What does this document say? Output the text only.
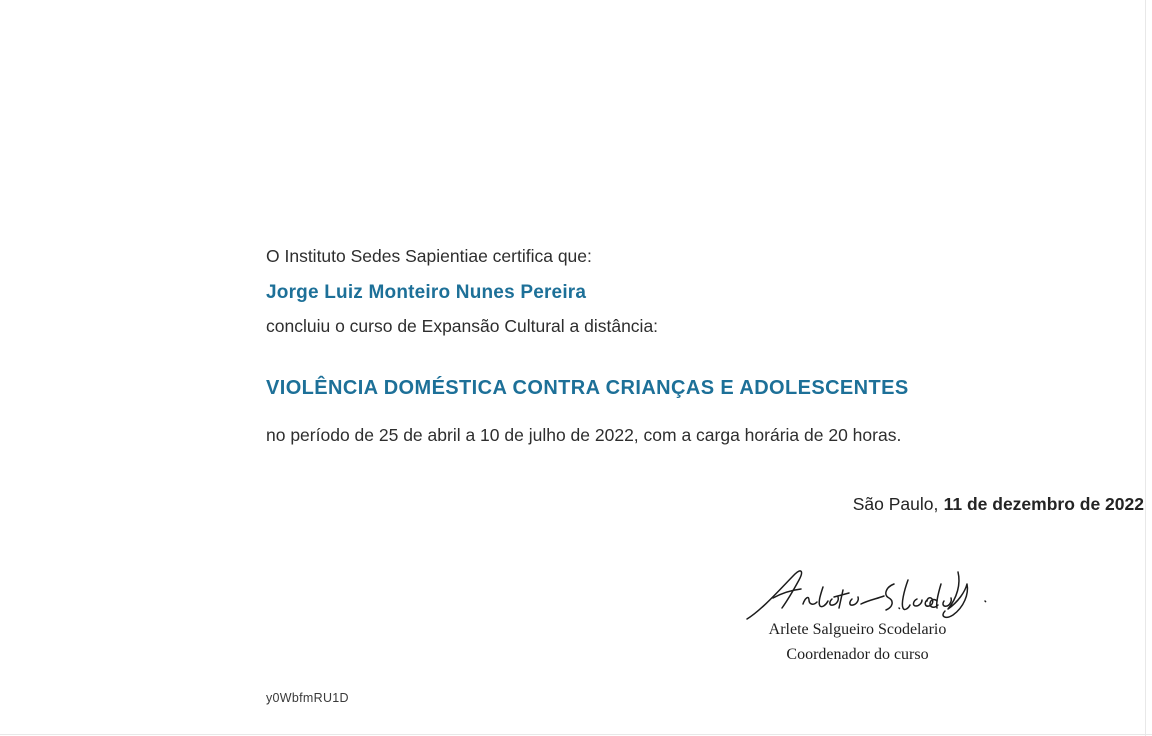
O Instituto Sedes Sapientiae certifica que:
Jorge Luiz Monteiro Nunes Pereira
concluiu o curso de Expansão Cultural a distância:
VIOLÊNCIA DOMÉSTICA CONTRA CRIANÇAS E ADOLESCENTES
no período de 25 de abril a 10 de julho de 2022, com a carga horária de 20 horas.
São Paulo, 11 de dezembro de 2022
Arlete Salgueiro Scodelario
Coordenador do curso
y0WbfmRU1D
